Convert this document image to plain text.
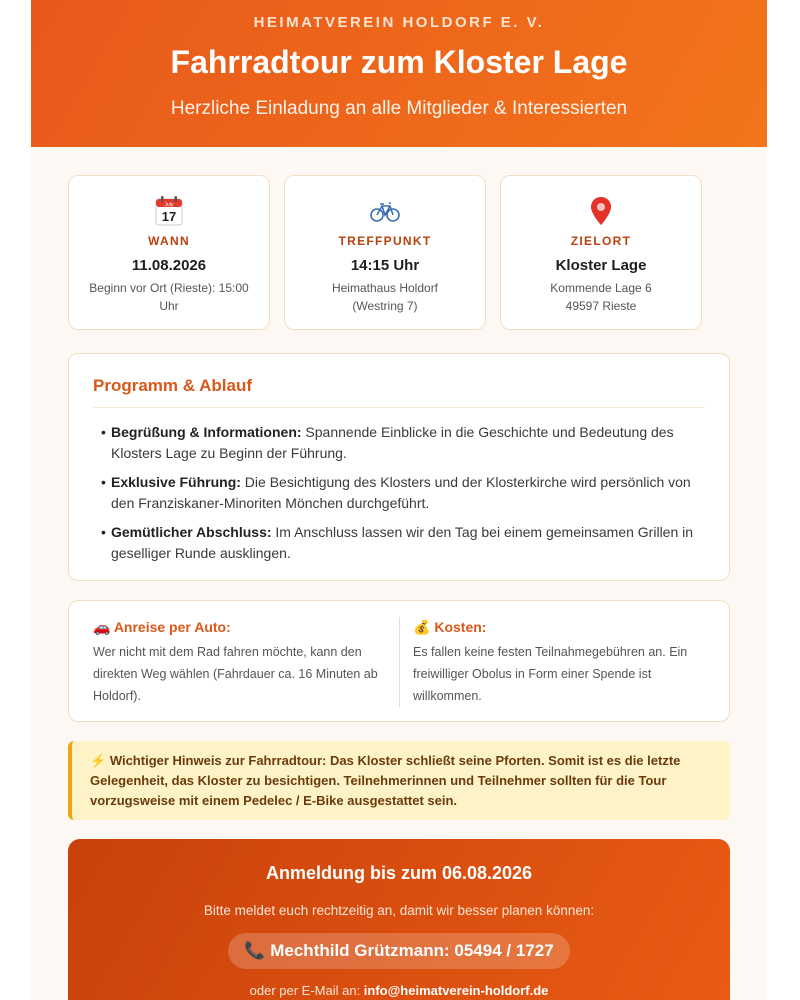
HEIMATVEREIN HOLDORF E. V.
Fahrradtour zum Kloster Lage
Herzliche Einladung an alle Mitglieder & Interessierten
July
17
WANN
11.08.2026
Beginn vor Ort (Rieste): 15:00 Uhr
TREFFPUNKT
14:15 Uhr
Heimathaus Holdorf
(Westring 7)
ZIELORT
Kloster Lage
Kommende Lage 6
49597 Rieste
Programm & Ablauf
• Begrüßung & Informationen: Spannende Einblicke in die Geschichte und Bedeutung des Klosters Lage zu Beginn der Führung.
• Exklusive Führung: Die Besichtigung des Klosters und der Klosterkirche wird persönlich von den Franziskaner-Minoriten Mönchen durchgeführt.
• Gemütlicher Abschluss: Im Anschluss lassen wir den Tag bei einem gemeinsamen Grillen in geselliger Runde ausklingen.
🚗 Anreise per Auto:

Wer nicht mit dem Rad fahren möchte, kann den direkten Weg wählen (Fahrdauer ca. 16 Minuten ab Holdorf).

💰 Kosten:

Es fallen keine festen Teilnahmegebühren an. Ein freiwilliger Obolus in Form einer Spende ist willkommen.

⚡ Wichtiger Hinweis zur Fahrradtour: Das Kloster schließt seine Pforten. Somit ist es die letzte Gelegenheit, das Kloster zu besichtigen. Teilnehmerinnen und Teilnehmer sollten für die Tour vorzugsweise mit einem Pedelec / E-Bike ausgestattet sein.

Anmeldung bis zum 06.08.2026
Bitte meldet euch rechtzeitig an, damit wir besser planen können:
📞 Mechthild Grützmann: 05494 / 1727
oder per E-Mail an: info@heimatverein-holdorf.de
